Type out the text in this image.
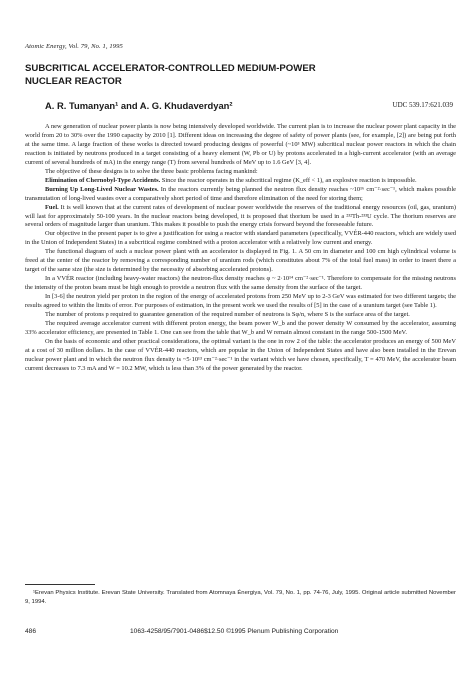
Atomic Energy, Vol. 79, No. 1, 1995
SUBCRITICAL ACCELERATOR-CONTROLLED MEDIUM-POWER
NUCLEAR REACTOR
A. R. Tumanyan¹ and A. G. Khudaverdyan²	UDC 539.17:621.039

A new generation of nuclear power plants is now being intensively developed worldwide. The current plan is to increase the nuclear power plant capacity in the world from 20 to 30% over the 1990 capacity by 2010 [1]. Different ideas on increasing the degree of safety of power plants (see, for example, [2]) are being put forth at the same time. A large fraction of these works is directed toward producing designs of powerful (~10³ MW) subcritical nuclear power reactors in which the chain reaction is initiated by neutrons produced in a target consisting of a heavy element (W, Pb or U) by protons accelerated in a high-current accelerator (with an average current of several hundreds of mA) in the energy range (T) from several hundreds of MeV up to 1.6 GeV [3, 4].

The objective of these designs is to solve the three basic problems facing mankind:

Elimination of Chernobyl-Type Accidents. Since the reactor operates in the subcritical regime (K_eff < 1), an explosive reaction is impossible.

Burning Up Long-Lived Nuclear Wastes. In the reactors currently being planned the neutron flux density reaches ~10¹⁶ cm⁻²·sec⁻¹, which makes possible transmutation of long-lived wastes over a comparatively short period of time and therefore elimination of the need for storing them;

Fuel. It is well known that at the current rates of development of nuclear power worldwide the reserves of the traditional energy resources (oil, gas, uranium) will last for approximately 50-100 years. In the nuclear reactors being developed, it is proposed that thorium be used in a ²³²Th-²³³U cycle. The thorium reserves are several orders of magnitude larger than uranium. This makes it possible to push the energy crisis forward beyond the foreseeable future.

Our objective in the present paper is to give a justification for using a reactor with standard parameters (specifically, VVÉR-440 reactors, which are widely used in the Union of Independent States) in a subcritical regime combined with a proton accelerator with a relatively low current and energy.

The functional diagram of such a nuclear power plant with an accelerator is displayed in Fig. 1. A 50 cm in diameter and 100 cm high cylindrical volume is freed at the center of the reactor by removing a corresponding number of uranium rods (which constitutes about 7% of the total fuel mass) in order to insert there a target of the same size (the size is determined by the necessity of absorbing accelerated protons).

In a VVÉR reactor (including heavy-water reactors) the neutron-flux density reaches φ ~ 2·10¹⁴ cm⁻²·sec⁻¹. Therefore to compensate for the missing neutrons the intensity of the proton beam must be high enough to provide a neutron flux with the same density from the surface of the target.

In [3-6] the neutron yield per proton in the region of the energy of accelerated protons from 250 MeV up to 2-3 GeV was estimated for two different targets; the results agreed to within the limits of error. For purposes of estimation, in the present work we used the results of [5] in the case of a uranium target (see Table 1).

The number of protons p required to guarantee generation of the required number of neutrons is Sφ/n, where S is the surface area of the target.

The required average accelerator current with different proton energy, the beam power W_b and the power density W consumed by the accelerator, assuming 33% accelerator efficiency, are presented in Table 1. One can see from the table that W_b and W remain almost constant in the range 500-1500 MeV.

On the basis of economic and other practical considerations, the optimal variant is the one in row 2 of the table: the accelerator produces an energy of 500 MeV at a cost of 30 million dollars. In the case of VVÉR-440 reactors, which are popular in the Union of Independent States and have also been installed in the Erevan nuclear power plant and in which the neutron flux density is ~5·10¹³ cm⁻²·sec⁻¹ in the variant which we have chosen, specifically, T = 470 MeV, the accelerator beam current decreases to 7.3 mA and W = 10.2 MW, which is less than 3% of the power generated by the reactor.

¹Erevan Physics Institute. Erevan State University. Translated from Atomnaya Énergiya, Vol. 79, No. 1, pp. 74-76, July, 1995. Original article submitted November 9, 1994.

486	1063-4258/95/7901-0486$12.50 ©1995 Plenum Publishing Corporation
